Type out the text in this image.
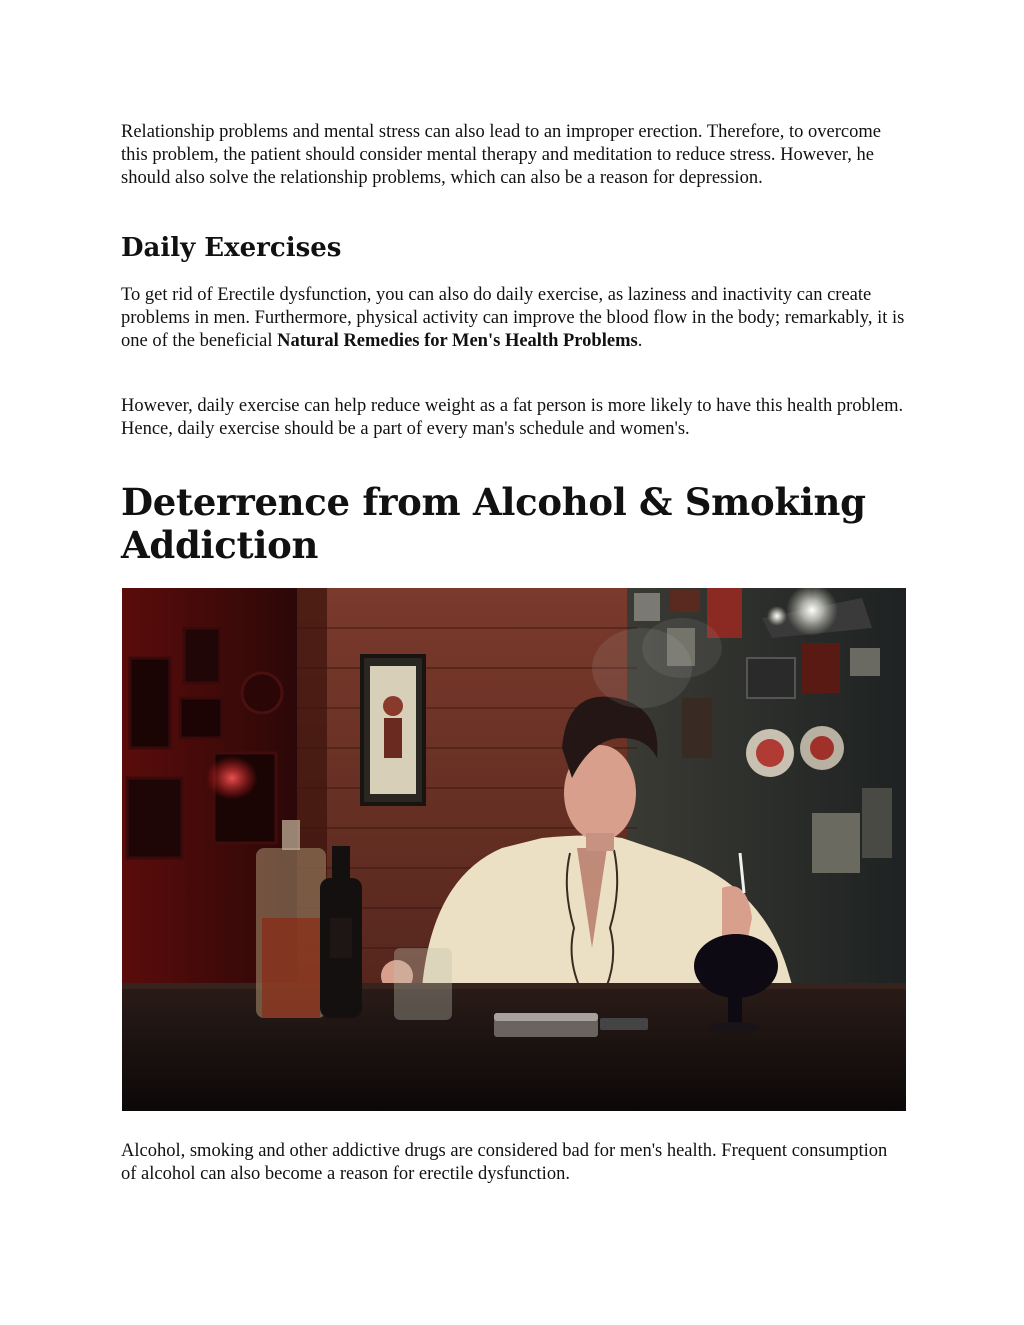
Relationship problems and mental stress can also lead to an improper erection. Therefore, to overcome this problem, the patient should consider mental therapy and meditation to reduce stress. However, he should also solve the relationship problems, which can also be a reason for depression.

Daily Exercises

To get rid of Erectile dysfunction, you can also do daily exercise, as laziness and inactivity can create problems in men. Furthermore, physical activity can improve the blood flow in the body; remarkably, it is one of the beneficial Natural Remedies for Men's Health Problems.

However, daily exercise can help reduce weight as a fat person is more likely to have this health problem. Hence, daily exercise should be a part of every man's schedule and women's.

Deterrence from Alcohol & Smoking Addiction

Alcohol, smoking and other addictive drugs are considered bad for men's health. Frequent consumption of alcohol can also become a reason for erectile dysfunction.
